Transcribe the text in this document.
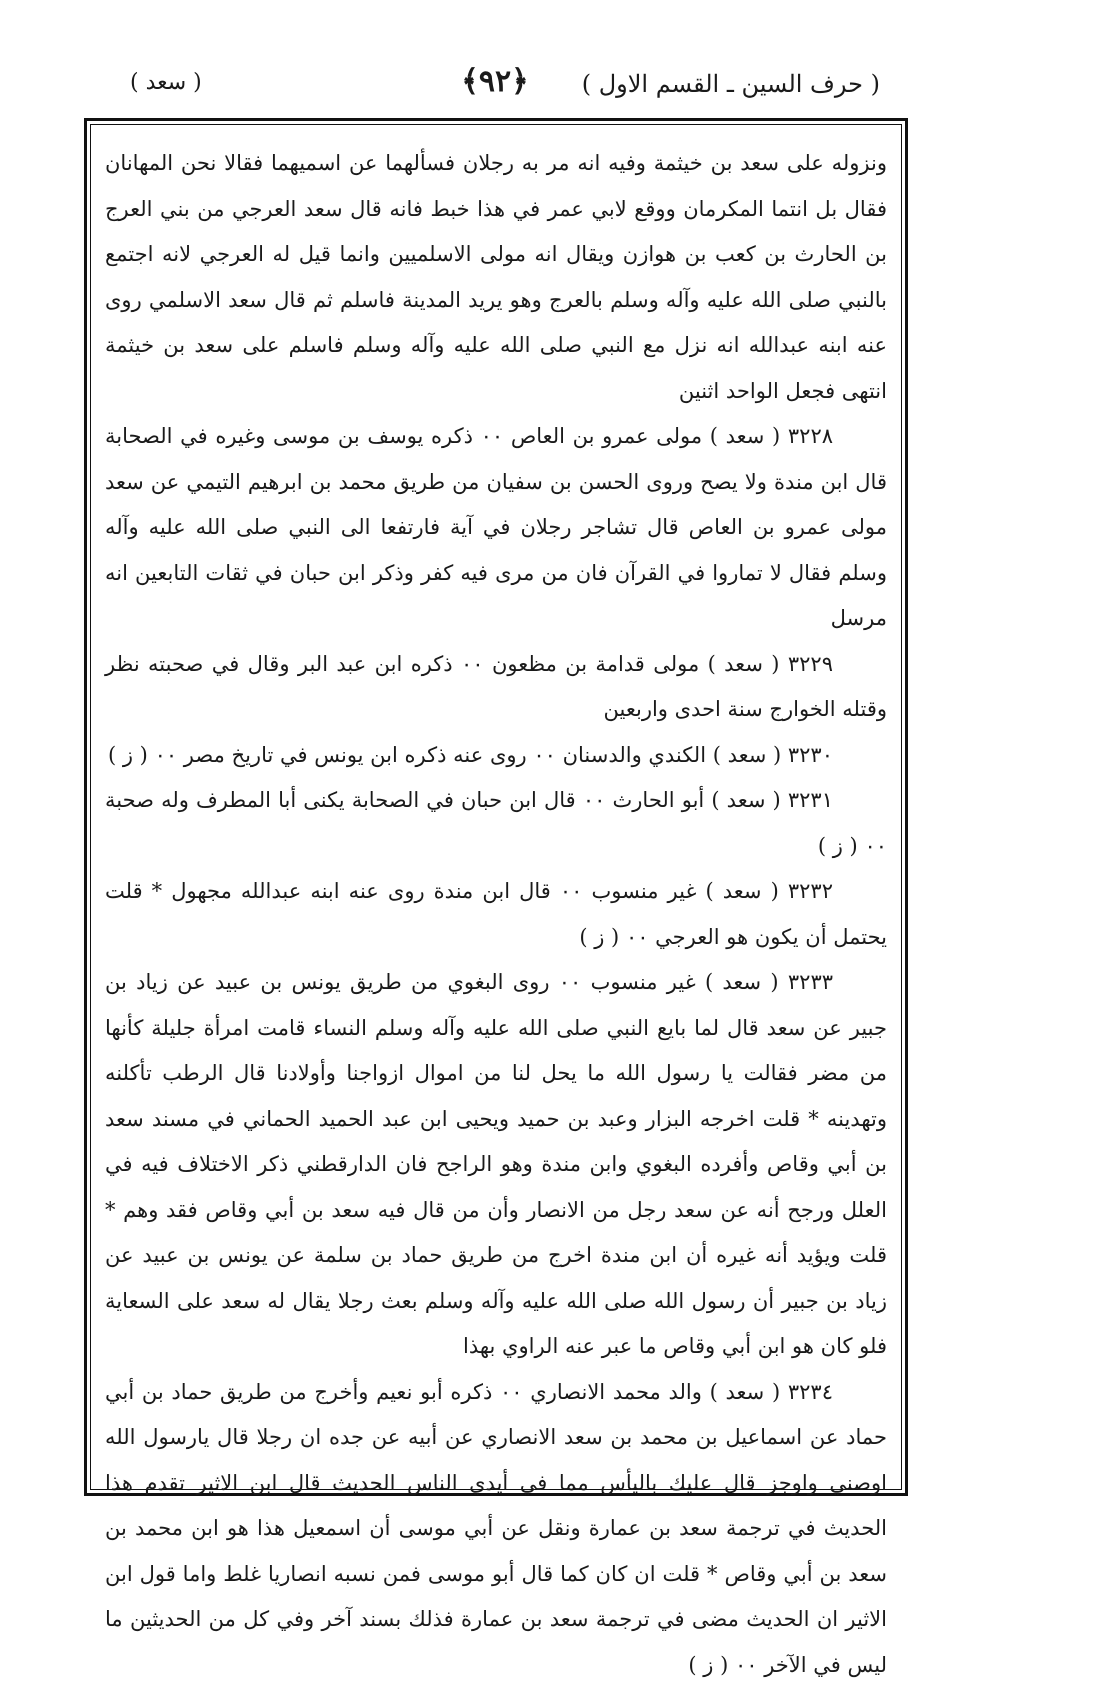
( حرف السين ـ القسم الاول )
﴿٩٢﴾
( سعد )

ونزوله على سعد بن خيثمة وفيه انه مر به رجلان فسألهما عن اسميهما فقالا نحن المهانان فقال بل انتما المكرمان ووقع لابي عمر في هذا خبط فانه قال سعد العرجي من بني العرج بن الحارث بن كعب بن هوازن ويقال انه مولى الاسلميين وانما قيل له العرجي لانه اجتمع بالنبي صلى الله عليه وآله وسلم بالعرج وهو يريد المدينة فاسلم ثم قال سعد الاسلمي روى عنه ابنه عبدالله انه نزل مع النبي صلى الله عليه وآله وسلم فاسلم على سعد بن خيثمة انتهى فجعل الواحد اثنين

٣٢٢٨ ( سعد ) مولى عمرو بن العاص ٠٠ ذكره يوسف بن موسى وغيره في الصحابة قال ابن مندة ولا يصح وروى الحسن بن سفيان من طريق محمد بن ابرهيم التيمي عن سعد مولى عمرو بن العاص قال تشاجر رجلان في آية فارتفعا الى النبي صلى الله عليه وآله وسلم فقال لا تماروا في القرآن فان من مرى فيه كفر وذكر ابن حبان في ثقات التابعين انه مرسل

٣٢٢٩ ( سعد ) مولى قدامة بن مظعون ٠٠ ذكره ابن عبد البر وقال في صحبته نظر وقتله الخوارج سنة احدى واربعين

٣٢٣٠ ( سعد ) الكندي والدسنان ٠٠ روى عنه ذكره ابن يونس في تاريخ مصر ٠٠ ( ز )

٣٢٣١ ( سعد ) أبو الحارث ٠٠ قال ابن حبان في الصحابة يكنى أبا المطرف وله صحبة ٠٠ ( ز )

٣٢٣٢ ( سعد ) غير منسوب ٠٠ قال ابن مندة روى عنه ابنه عبدالله مجهول * قلت يحتمل أن يكون هو العرجي ٠٠ ( ز )

٣٢٣٣ ( سعد ) غير منسوب ٠٠ روى البغوي من طريق يونس بن عبيد عن زياد بن جبير عن سعد قال لما بايع النبي صلى الله عليه وآله وسلم النساء قامت امرأة جليلة كأنها من مضر فقالت يا رسول الله ما يحل لنا من اموال ازواجنا وأولادنا قال الرطب تأكلنه وتهدينه * قلت اخرجه البزار وعبد بن حميد ويحيى ابن عبد الحميد الحماني في مسند سعد بن أبي وقاص وأفرده البغوي وابن مندة وهو الراجح فان الدارقطني ذكر الاختلاف فيه في العلل ورجح أنه عن سعد رجل من الانصار وأن من قال فيه سعد بن أبي وقاص فقد وهم * قلت ويؤيد أنه غيره أن ابن مندة اخرج من طريق حماد بن سلمة عن يونس بن عبيد عن زياد بن جبير أن رسول الله صلى الله عليه وآله وسلم بعث رجلا يقال له سعد على السعاية فلو كان هو ابن أبي وقاص ما عبر عنه الراوي بهذا

٣٢٣٤ ( سعد ) والد محمد الانصاري ٠٠ ذكره أبو نعيم وأخرج من طريق حماد بن أبي حماد عن اسماعيل بن محمد بن سعد الانصاري عن أبيه عن جده ان رجلا قال يارسول الله اوصني واوجز قال عليك باليأس مما في أيدي الناس الحديث قال ابن الاثير تقدم هذا الحديث في ترجمة سعد بن عمارة ونقل عن أبي موسى أن اسمعيل هذا هو ابن محمد بن سعد بن أبي وقاص * قلت ان كان كما قال أبو موسى فمن نسبه انصاريا غلط واما قول ابن الاثير ان الحديث مضى في ترجمة سعد بن عمارة فذلك بسند آخر وفي كل من الحديثين ما ليس في الآخر ٠٠ ( ز )
